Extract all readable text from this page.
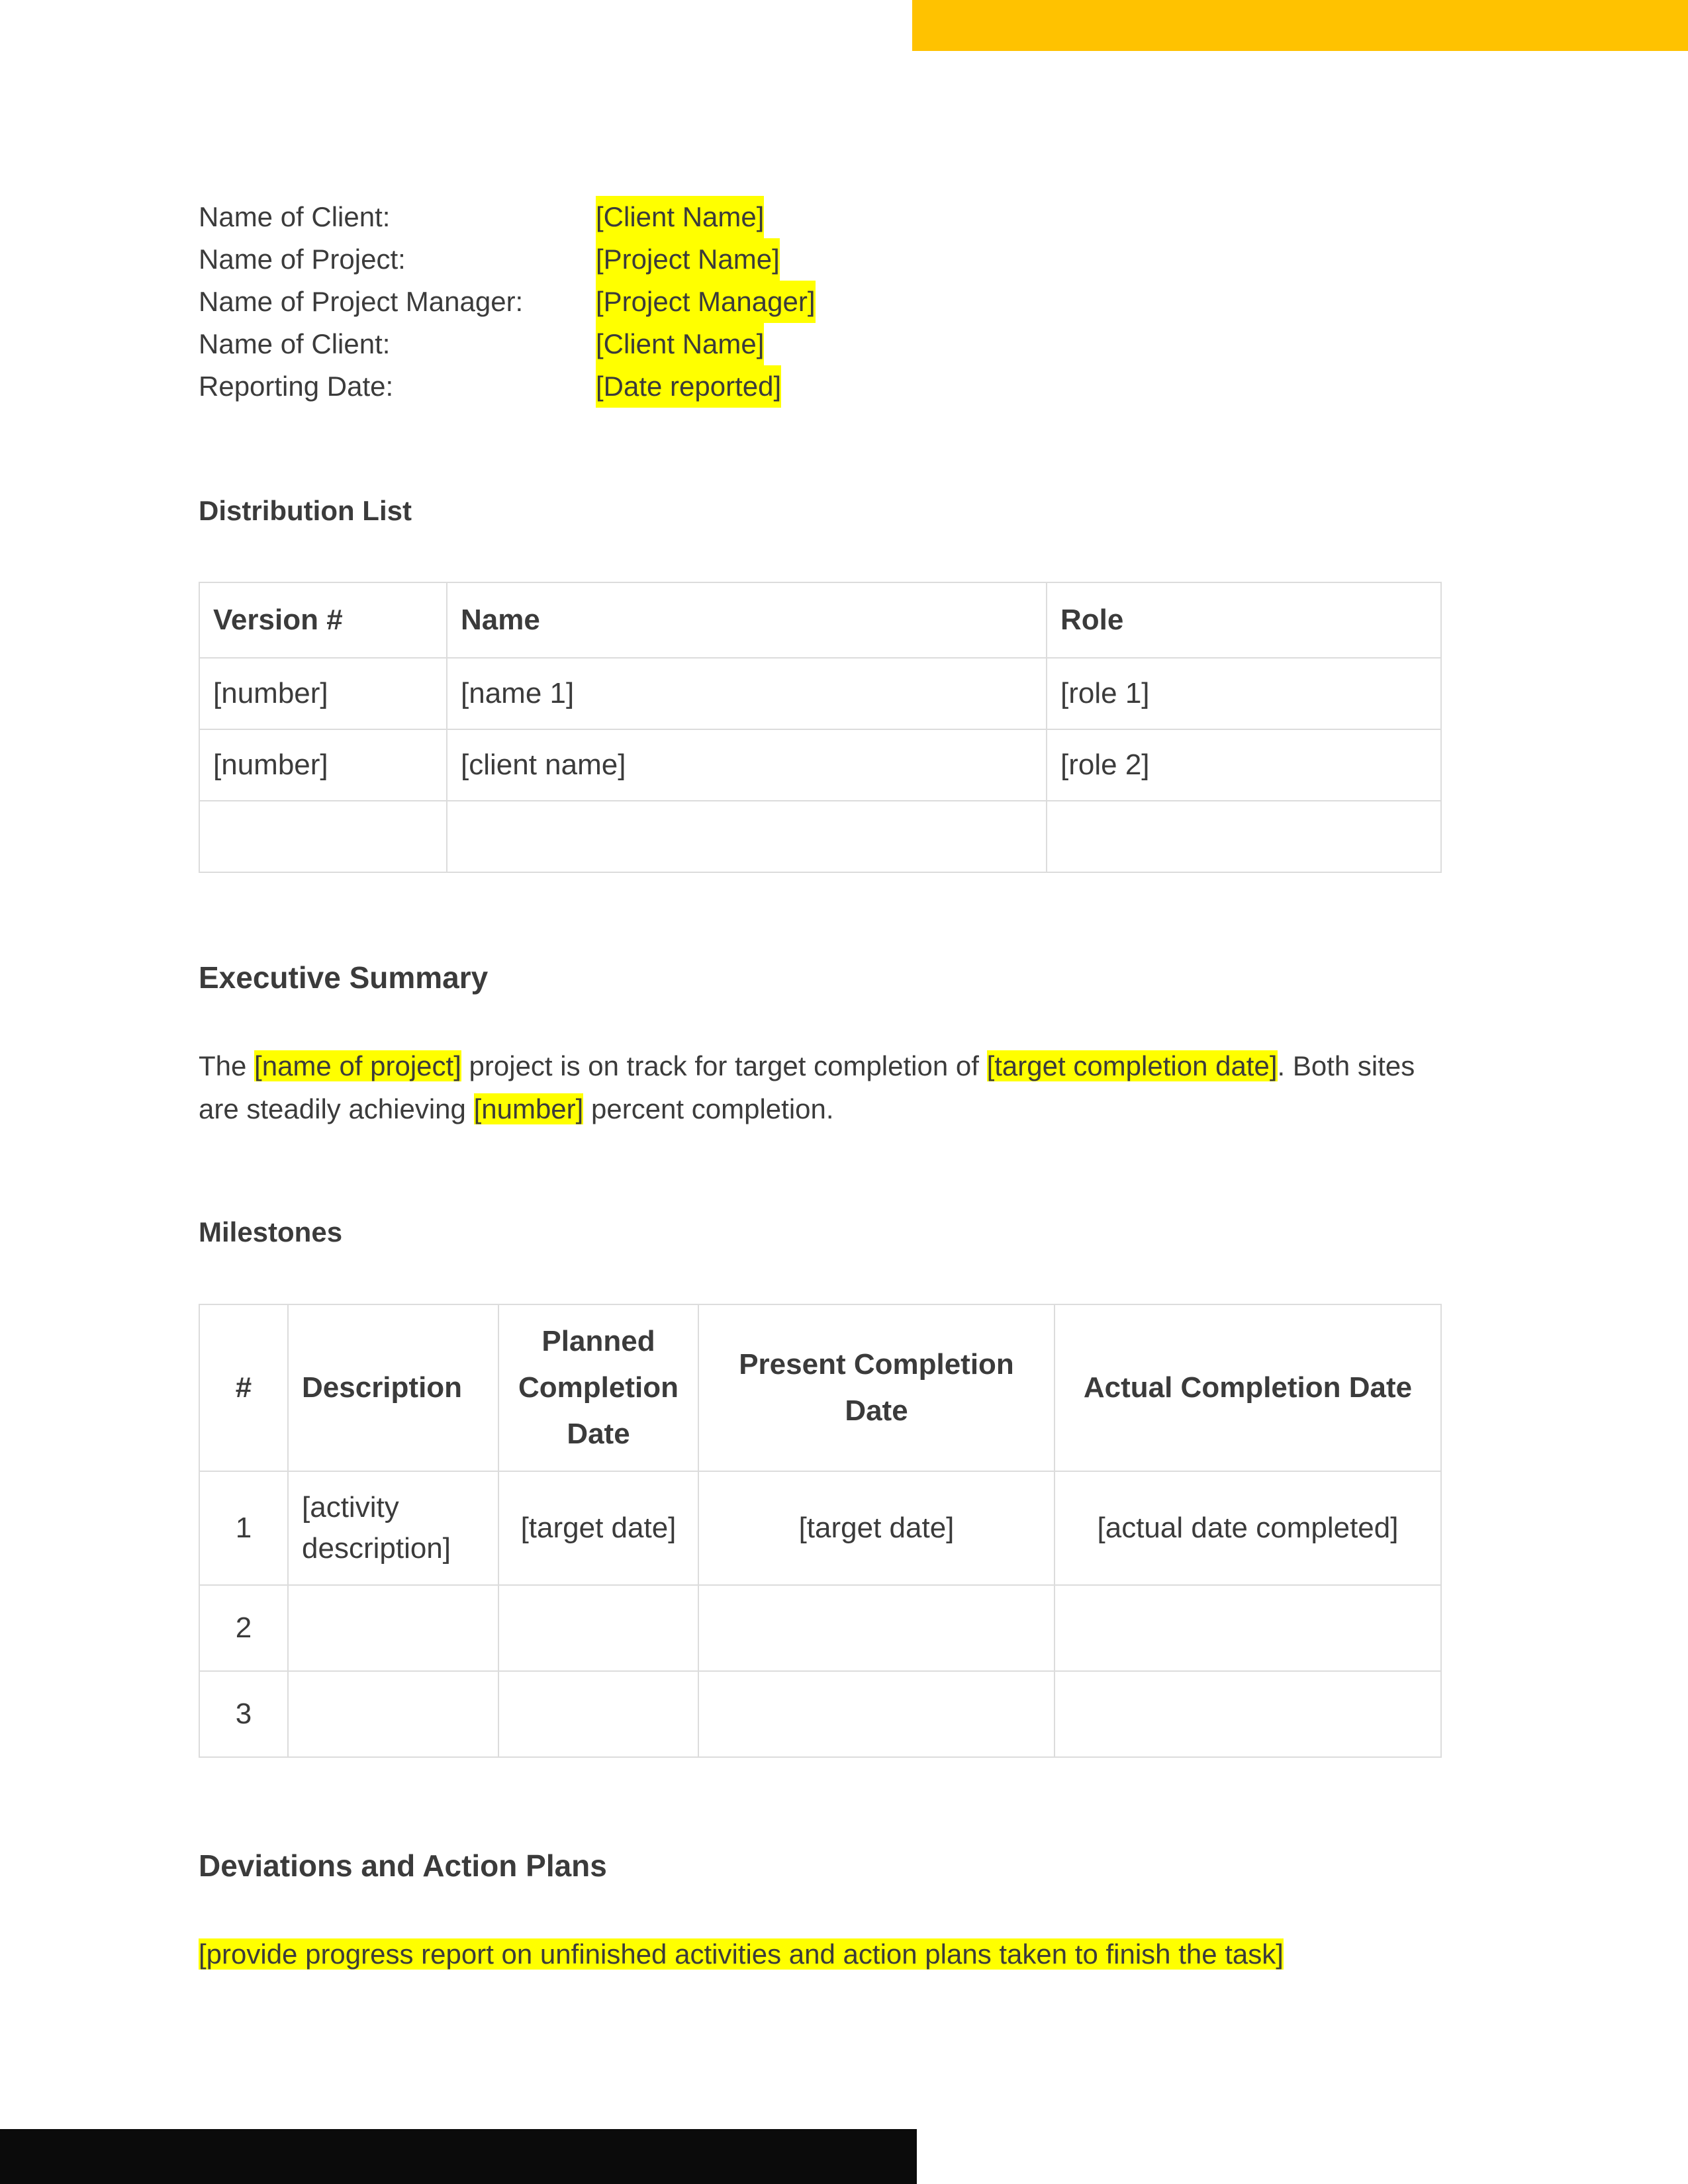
Name of Client:	[Client Name]
Name of Project:	[Project Name]
Name of Project Manager:	[Project Manager]
Name of Client:	[Client Name]
Reporting Date:	[Date reported]
Distribution List
Version #	Name	Role
[number]	[name 1]	[role 1]
[number]	[client name]	[role 2]

Executive Summary
The [name of project] project is on track for target completion of [target completion date]. Both sites are steadily achieving [number] percent completion.
Milestones
#	Description	Planned Completion Date	Present Completion Date	Actual Completion Date
1	[activity description]	[target date]	[target date]	[actual date completed]
2				
3				
Deviations and Action Plans
[provide progress report on unfinished activities and action plans taken to finish the task]
